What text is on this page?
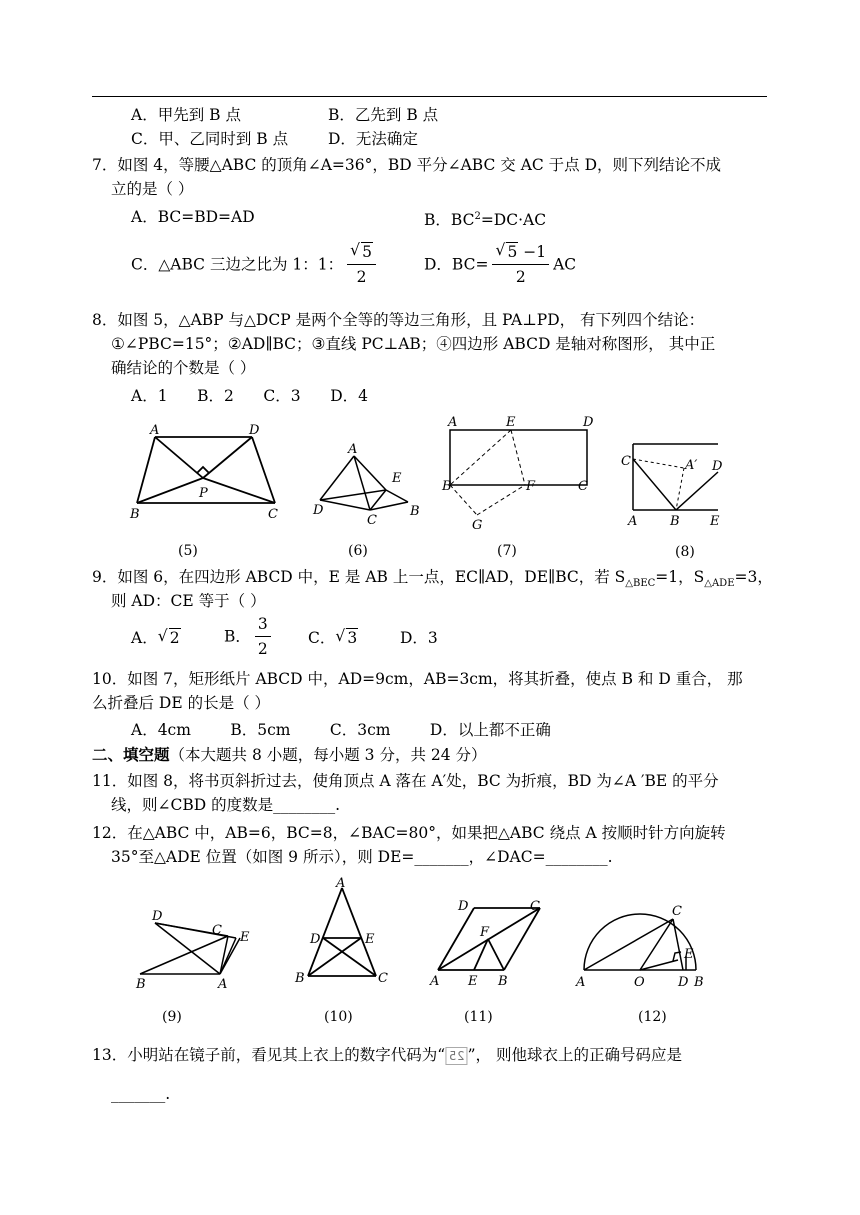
A．甲先到 B 点	B．乙先到 B 点
C．甲、乙同时到 B 点	D．无法确定
7．如图 4，等腰△ABC 的顶角∠A=36°，BD 平分∠ABC 交 AC 于点 D，则下列结论不成
立的是（ ）
A．BC=BD=AD	B．$BC^2=DC\cdot AC$
C．△ABC 三边之比为 1：1： √ $\frac{5}{2}$	D．BC= √ $\frac{5 -1}{2}$ AC
8．如图 5，△ABP 与△DCP 是两个全等的等边三角形，且 PA⊥PD， 有下列四个结论：
①∠PBC=15°；②AD∥BC；③直线 PC⊥AB；④四边形 ABCD 是轴对称图形， 其中正
确结论的个数是（ ）
A．1      B．2      C．3      D．4
A	D
P
B	C
(5)
A
E
D
C
B
(6)
A	E	D
B	F	C
G
(7)
C	A′ D
A	B E
(8)
9．如图 6，在四边形 ABCD 中，E 是 AB 上一点，EC∥AD，DE∥BC，若 $S_{\triangle BEC}=1$，$S_{\triangle ADE}=3$，
则 AD：CE 等于（ ）
A． √ 2	B． $\frac{3}{2}$ C． √ 3	D．3
10．如图 7，矩形纸片 ABCD 中，AD=9cm，AB=3cm，将其折叠，使点 B 和 D 重合， 那
么折叠后 DE 的长是（ ）
A．4cm        B．5cm        C．3cm        D．以上都不正确
二、填空题（本大题共 8 小题，每小题 3 分，共 24 分）
11．如图 8，将书页斜折过去，使角顶点 A 落在 A′处，BC 为折痕，BD 为∠A ′BE 的平分
线，则∠CBD 的度数是________.
12．在△ABC 中，AB=6，BC=8，∠BAC=80°，如果把△ABC 绕点 A 按顺时针方向旋转
35°至△ADE 位置（如图 9 所示），则 DE=_______，∠DAC=________.
D
C E
B	A
(9)
A
D	E
B	C
(10)
D	C
F
A E B
(11)
C
E
A	O	D B
(12)
13．小明站在镜子前，看见其上衣上的数字代码为“ 25 ”， 则他球衣上的正确号码应是
_______.
